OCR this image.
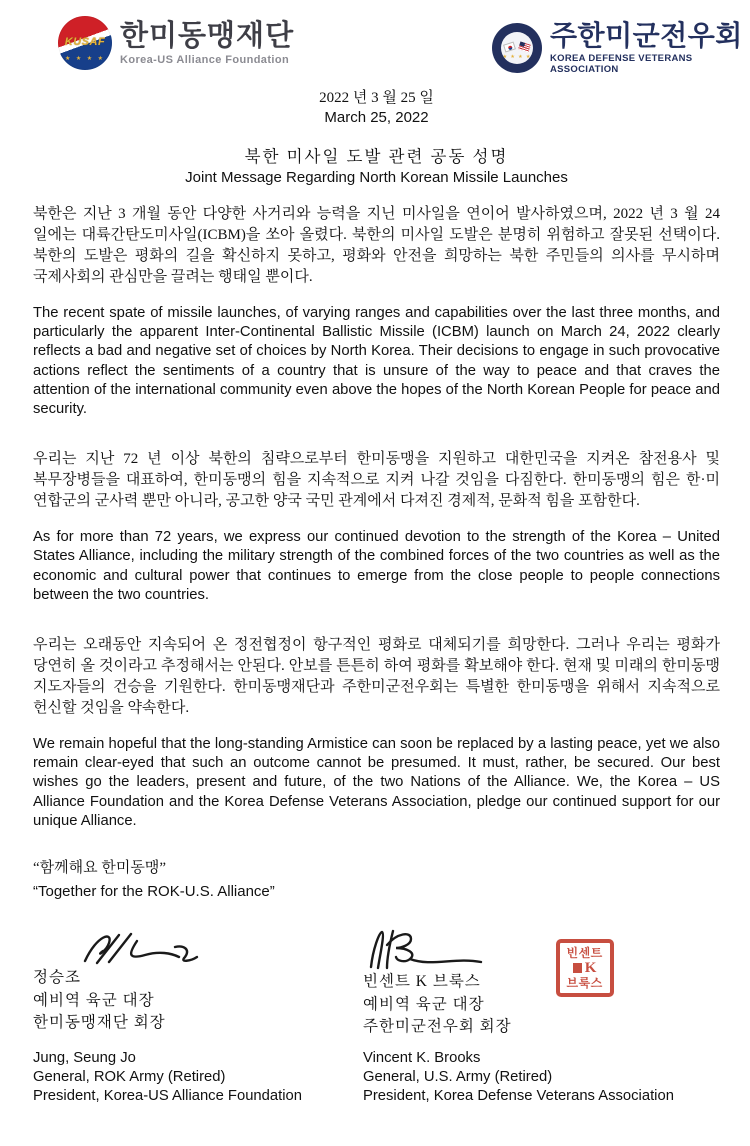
KUSAF
★ ★ ★ ★
한미동맹재단
Korea-US Alliance Foundation	★ ★ ★ ★
주한미군전우회
KOREA DEFENSE VETERANS ASSOCIATION
2022 년 3 월 25 일
March 25, 2022
북한 미사일 도발 관련 공동 성명
Joint Message Regarding North Korean Missile Launches

북한은 지난 3 개월 동안 다양한 사거리와 능력을 지닌 미사일을 연이어 발사하였으며, 2022 년 3 월 24 일에는 대륙간탄도미사일(ICBM)을 쏘아 올렸다. 북한의 미사일 도발은 분명히 위험하고 잘못된 선택이다. 북한의 도발은 평화의 길을 확신하지 못하고, 평화와 안전을 희망하는 북한 주민들의 의사를 무시하며 국제사회의 관심만을 끌려는 행태일 뿐이다.

The recent spate of missile launches, of varying ranges and capabilities over the last three months, and particularly the apparent Inter-Continental Ballistic Missile (ICBM) launch on March 24, 2022 clearly reflects a bad and negative set of choices by North Korea. Their decisions to engage in such provocative actions reflect the sentiments of a country that is unsure of the way to peace and that craves the attention of the international community even above the hopes of the North Korean People for peace and security.

우리는 지난 72 년 이상 북한의 침략으로부터 한미동맹을 지원하고 대한민국을 지켜온 참전용사 및 복무장병들을 대표하여, 한미동맹의 힘을 지속적으로 지켜 나갈 것임을 다짐한다. 한미동맹의 힘은 한·미 연합군의 군사력 뿐만 아니라, 공고한 양국 국민 관계에서 다져진 경제적, 문화적 힘을 포함한다.

As for more than 72 years, we express our continued devotion to the strength of the Korea – United States Alliance, including the military strength of the combined forces of the two countries as well as the economic and cultural power that continues to emerge from the close people to people connections between the two countries.

우리는 오래동안 지속되어 온 정전협정이 항구적인 평화로 대체되기를 희망한다. 그러나 우리는 평화가 당연히 올 것이라고 추정해서는 안된다. 안보를 튼튼히 하여 평화를 확보해야 한다. 현재 및 미래의 한미동맹 지도자들의 건승을 기원한다. 한미동맹재단과 주한미군전우회는 특별한 한미동맹을 위해서 지속적으로 헌신할 것임을 약속한다.

We remain hopeful that the long-standing Armistice can soon be replaced by a lasting peace, yet we also remain clear-eyed that such an outcome cannot be presumed. It must, rather, be secured. Our best wishes go the leaders, present and future, of the two Nations of the Alliance. We, the Korea – US Alliance Foundation and the Korea Defense Veterans Association, pledge our continued support for our unique Alliance.

“함께해요 한미동맹”
“Together for the ROK-U.S. Alliance”
정승조
예비역 육군 대장
한미동맹재단 회장
빈센트 K 브룩스
예비역 육군 대장
주한미군전우회 회장
빈센트
K
브룩스
Jung, Seung Jo
General, ROK Army (Retired)
President, Korea-US Alliance Foundation
Vincent K. Brooks
General, U.S. Army (Retired)
President, Korea Defense Veterans Association
